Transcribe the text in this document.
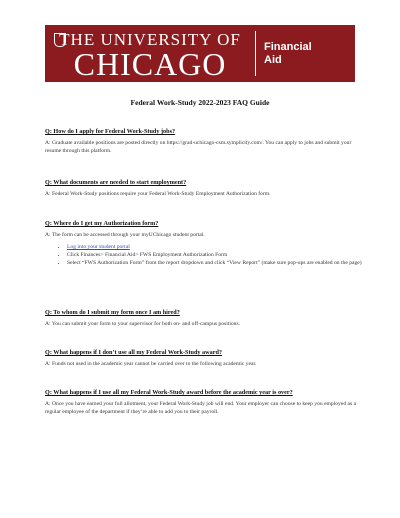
THE UNIVERSITY OF
CHICAGO	Financial
Aid
Federal Work-Study 2022-2023 FAQ Guide
Q: How do I apply for Federal Work-Study jobs?
A: Graduate available positions are posted directly on https://grad-uchicago-csm.symplicity.com/. You can apply to jobs and submit your resume through this platform.
Q: What documents are needed to start employment?
A: Federal Work-Study positions require your Federal Work-Study Employment Authorization form.
Q: Where do I get my Authorization form?
A: The form can be accessed through your myUChicago student portal.
• Log into your student portal
• Click Finances> Financial Aid> FWS Employment Authorization Form
• Select “FWS Authorization Form” from the report dropdown and click “View Report” (make sure pop-ups are enabled on the page)
Q: To whom do I submit my form once I am hired?
A: You can submit your form to your supervisor for both on- and off-campus positions.
Q: What happens if I don’t use all my Federal Work-Study award?
A: Funds not used in the academic year cannot be carried over to the following academic year.
Q: What happens if I use all my Federal Work-Study award before the academic year is over?
A: Once you have earned your full allotment, your Federal Work-Study job will end. Your employer can choose to keep you employed as a regular employee of the department if they’re able to add you to their payroll.
